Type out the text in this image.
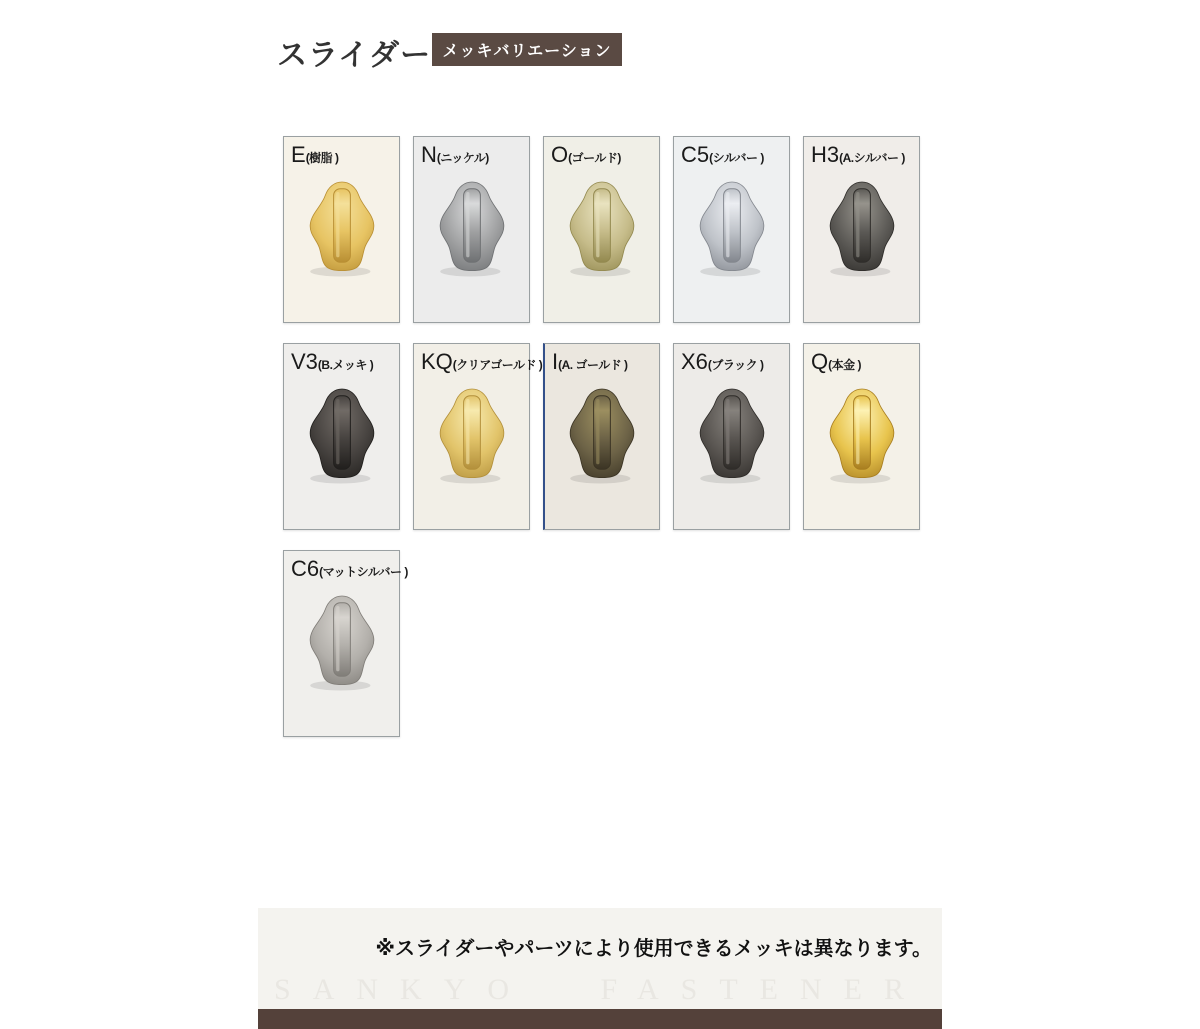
スライダー メッキバリエーション
E(樹脂 )	N(ニッケル)	O(ゴールド)	C5(シルバー )	H3(A.シルバー )
V3(B.メッキ )	KQ(クリアゴールド ) I(A. ゴールド )	X6(ブラック )	Q(本金 )
C6(マットシルバー )

※スライダーやパーツにより使用できるメッキは異なります。

SANKYO FASTENER
